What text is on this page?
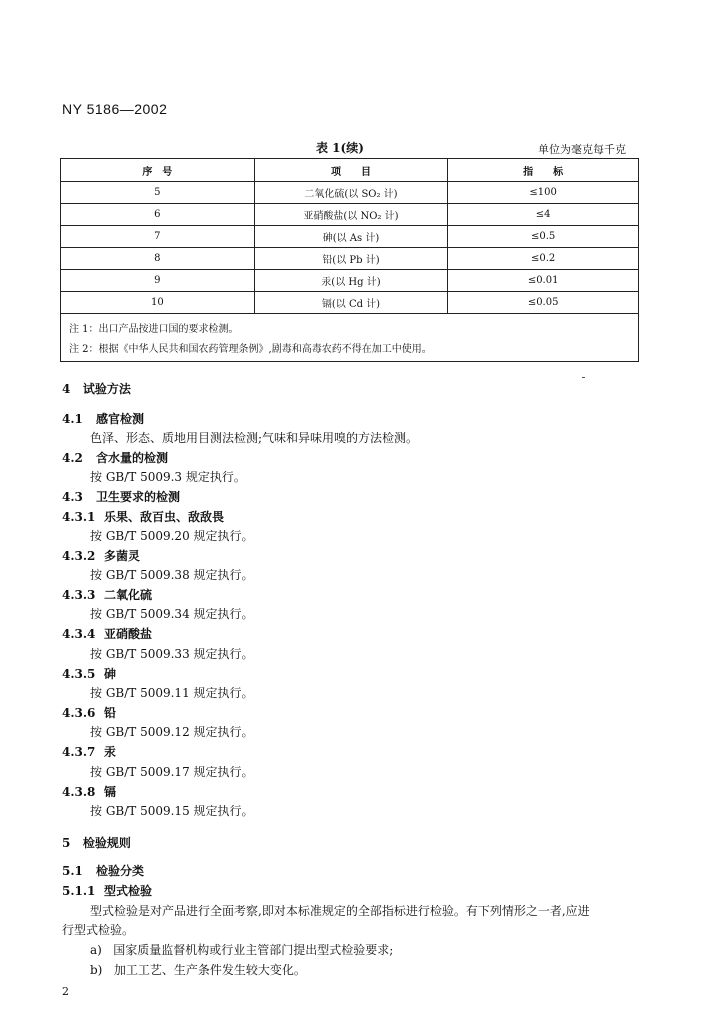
NY 5186—2002
表 1(续)	单位为毫克每千克
序　号	项　　目	指　　标
5	二氧化硫(以 SO₂ 计)	≤100
6	亚硝酸盐(以 NO₂ 计)	≤4
7	砷(以 As 计)	≤0.5
8	铅(以 Pb 计)	≤0.2
9	汞(以 Hg 计)	≤0.01
10	镉(以 Cd 计)	≤0.05
注 1：出口产品按进口国的要求检测。		
注 2：根据《中华人民共和国农药管理条例》,剧毒和高毒农药不得在加工中使用。		
4 试验方法
4.1 感官检测
色泽、形态、质地用目测法检测;气味和异味用嗅的方法检测。
4.2 含水量的检测
按 GB/T 5009.3 规定执行。
4.3 卫生要求的检测
4.3.1 乐果、敌百虫、敌敌畏
按 GB/T 5009.20 规定执行。
4.3.2 多菌灵
按 GB/T 5009.38 规定执行。
4.3.3 二氧化硫
按 GB/T 5009.34 规定执行。
4.3.4 亚硝酸盐
按 GB/T 5009.33 规定执行。
4.3.5 砷
按 GB/T 5009.11 规定执行。
4.3.6 铅
按 GB/T 5009.12 规定执行。
4.3.7 汞
按 GB/T 5009.17 规定执行。
4.3.8 镉
按 GB/T 5009.15 规定执行。
5 检验规则
5.1 检验分类
5.1.1 型式检验
型式检验是对产品进行全面考察,即对本标准规定的全部指标进行检验。有下列情形之一者,应进
行型式检验。
a) 国家质量监督机构或行业主管部门提出型式检验要求;
b) 加工工艺、生产条件发生较大变化。
2
